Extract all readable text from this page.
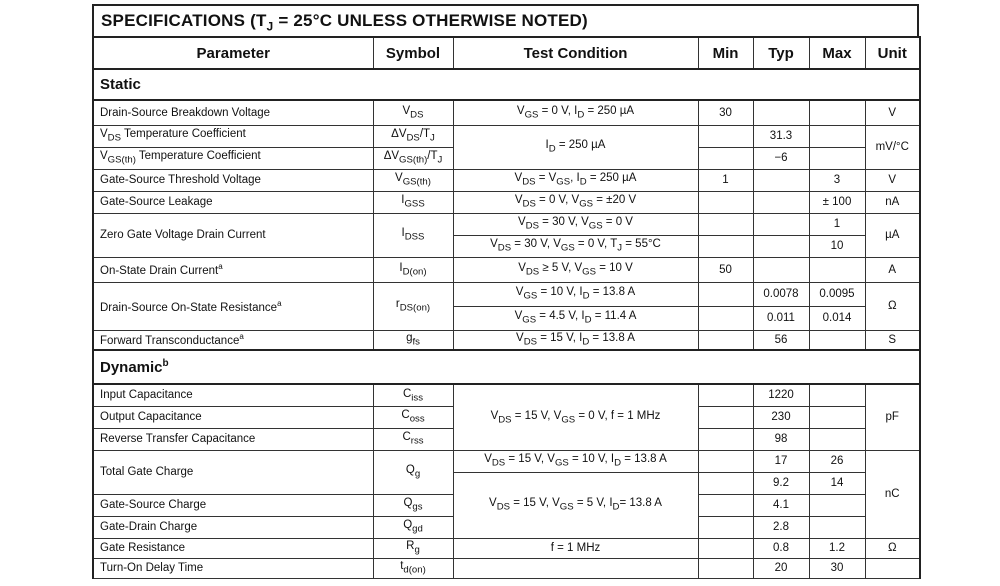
SPECIFICATIONS ($T_J = 25^\circ C$ UNLESS OTHERWISE NOTED)
Parameter	Symbol	Test Condition	Min	Typ	Max	Unit
Static						
Drain-Source Breakdown Voltage	$V_{DS}$	$V_{GS} = 0$ V, $I_D = 250$ µA	30			V
$V_{DS}$ Temperature Coefficient	$\Delta V_{DS}/T_J$	$I_D = 250$ µA		31.3		mV/°C
$V_{GS(th)}$ Temperature Coefficient	$\Delta V_{GS(th)}/T_J$			−6		
Gate-Source Threshold Voltage	$V_{GS(th)}$	$V_{DS} = V_{GS}$, $I_D = 250$ µA	1		3	V
Gate-Source Leakage	$I_{GSS}$	$V_{DS} = 0$ V, $V_{GS} = \pm 20$ V			± 100	nA
Zero Gate Voltage Drain Current	$I_{DSS}$	$V_{DS} = 30$ V, $V_{GS} = 0$ V			1	µA
		$V_{DS} = 30$ V, $V_{GS} = 0$ V, $T_J = 55^\circ C$			10	
On-State Drain Current$^a$	$I_{D(on)}$	$V_{DS} \ge 5$ V, $V_{GS} = 10$ V	50			A
Drain-Source On-State Resistance$^a$	$r_{DS(on)}$	$V_{GS} = 10$ V, $I_D = 13.8$ A		0.0078	0.0095	Ω
		$V_{GS} = 4.5$ V, $I_D = 11.4$ A		0.011	0.014	
Forward Transconductance$^a$	$g_{fs}$	$V_{DS} = 15$ V, $I_D = 13.8$ A		56		S
Dynamic$^b$
Input Capacitance	$C_{iss}$	$V_{DS} = 15$ V, $V_{GS} = 0$ V, f = 1 MHz		1220		pF
Output Capacitance	$C_{oss}$			230		
Reverse Transfer Capacitance	$C_{rss}$			98		
Total Gate Charge	$Q_g$	$V_{DS} = 15$ V, $V_{GS} = 10$ V, $I_D = 13.8$ A		17	26	nC
		$V_{DS} = 15$ V, $V_{GS} = 5$ V, $I_D= 13.8$ A		9.2	14	
Gate-Source Charge	$Q_{gs}$			4.1		
Gate-Drain Charge	$Q_{gd}$			2.8		
Gate Resistance	$R_g$	f = 1 MHz		0.8	1.2	Ω
Turn-On Delay Time	$t_{d(on)}$			20	30	
